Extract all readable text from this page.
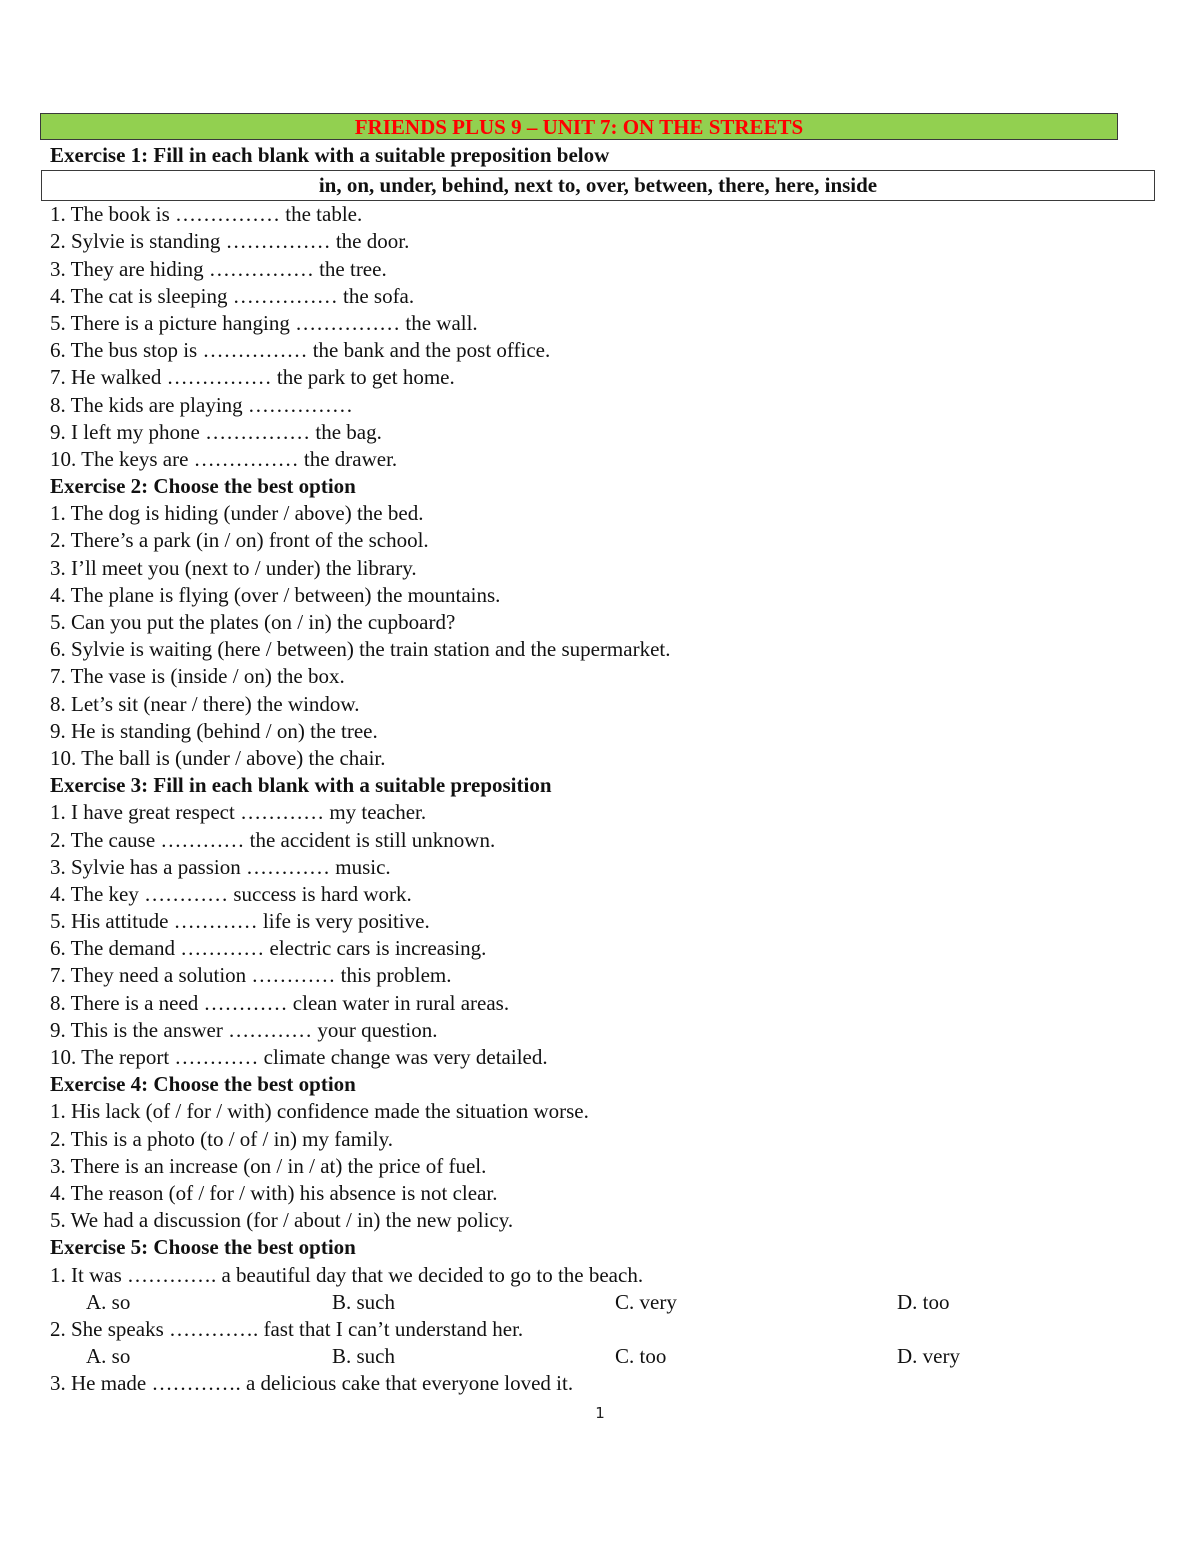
FRIENDS PLUS 9 – UNIT 7: ON THE STREETS
Exercise 1: Fill in each blank with a suitable preposition below
in, on, under, behind, next to, over, between, there, here, inside
1. The book is …………… the table.
2. Sylvie is standing …………… the door.
3. They are hiding …………… the tree.
4. The cat is sleeping …………… the sofa.
5. There is a picture hanging …………… the wall.
6. The bus stop is …………… the bank and the post office.
7. He walked …………… the park to get home.
8. The kids are playing ……………
9. I left my phone …………… the bag.
10. The keys are …………… the drawer.
Exercise 2: Choose the best option
1. The dog is hiding (under / above) the bed.
2. There’s a park (in / on) front of the school.
3. I’ll meet you (next to / under) the library.
4. The plane is flying (over / between) the mountains.
5. Can you put the plates (on / in) the cupboard?
6. Sylvie is waiting (here / between) the train station and the supermarket.
7. The vase is (inside / on) the box.
8. Let’s sit (near / there) the window.
9. He is standing (behind / on) the tree.
10. The ball is (under / above) the chair.
Exercise 3: Fill in each blank with a suitable preposition
1. I have great respect ………… my teacher.
2. The cause ………… the accident is still unknown.
3. Sylvie has a passion ………… music.
4. The key ………… success is hard work.
5. His attitude ………… life is very positive.
6. The demand ………… electric cars is increasing.
7. They need a solution ………… this problem.
8. There is a need ………… clean water in rural areas.
9. This is the answer ………… your question.
10. The report ………… climate change was very detailed.
Exercise 4: Choose the best option
1. His lack (of / for / with) confidence made the situation worse.
2. This is a photo (to / of / in) my family.
3. There is an increase (on / in / at) the price of fuel.
4. The reason (of / for / with) his absence is not clear.
5. We had a discussion (for / about / in) the new policy.
Exercise 5: Choose the best option
1. It was …………. a beautiful day that we decided to go to the beach.
A. so	B. such	C. very	D. too
2. She speaks …………. fast that I can’t understand her.
A. so	B. such	C. too	D. very
3. He made …………. a delicious cake that everyone loved it.
1
